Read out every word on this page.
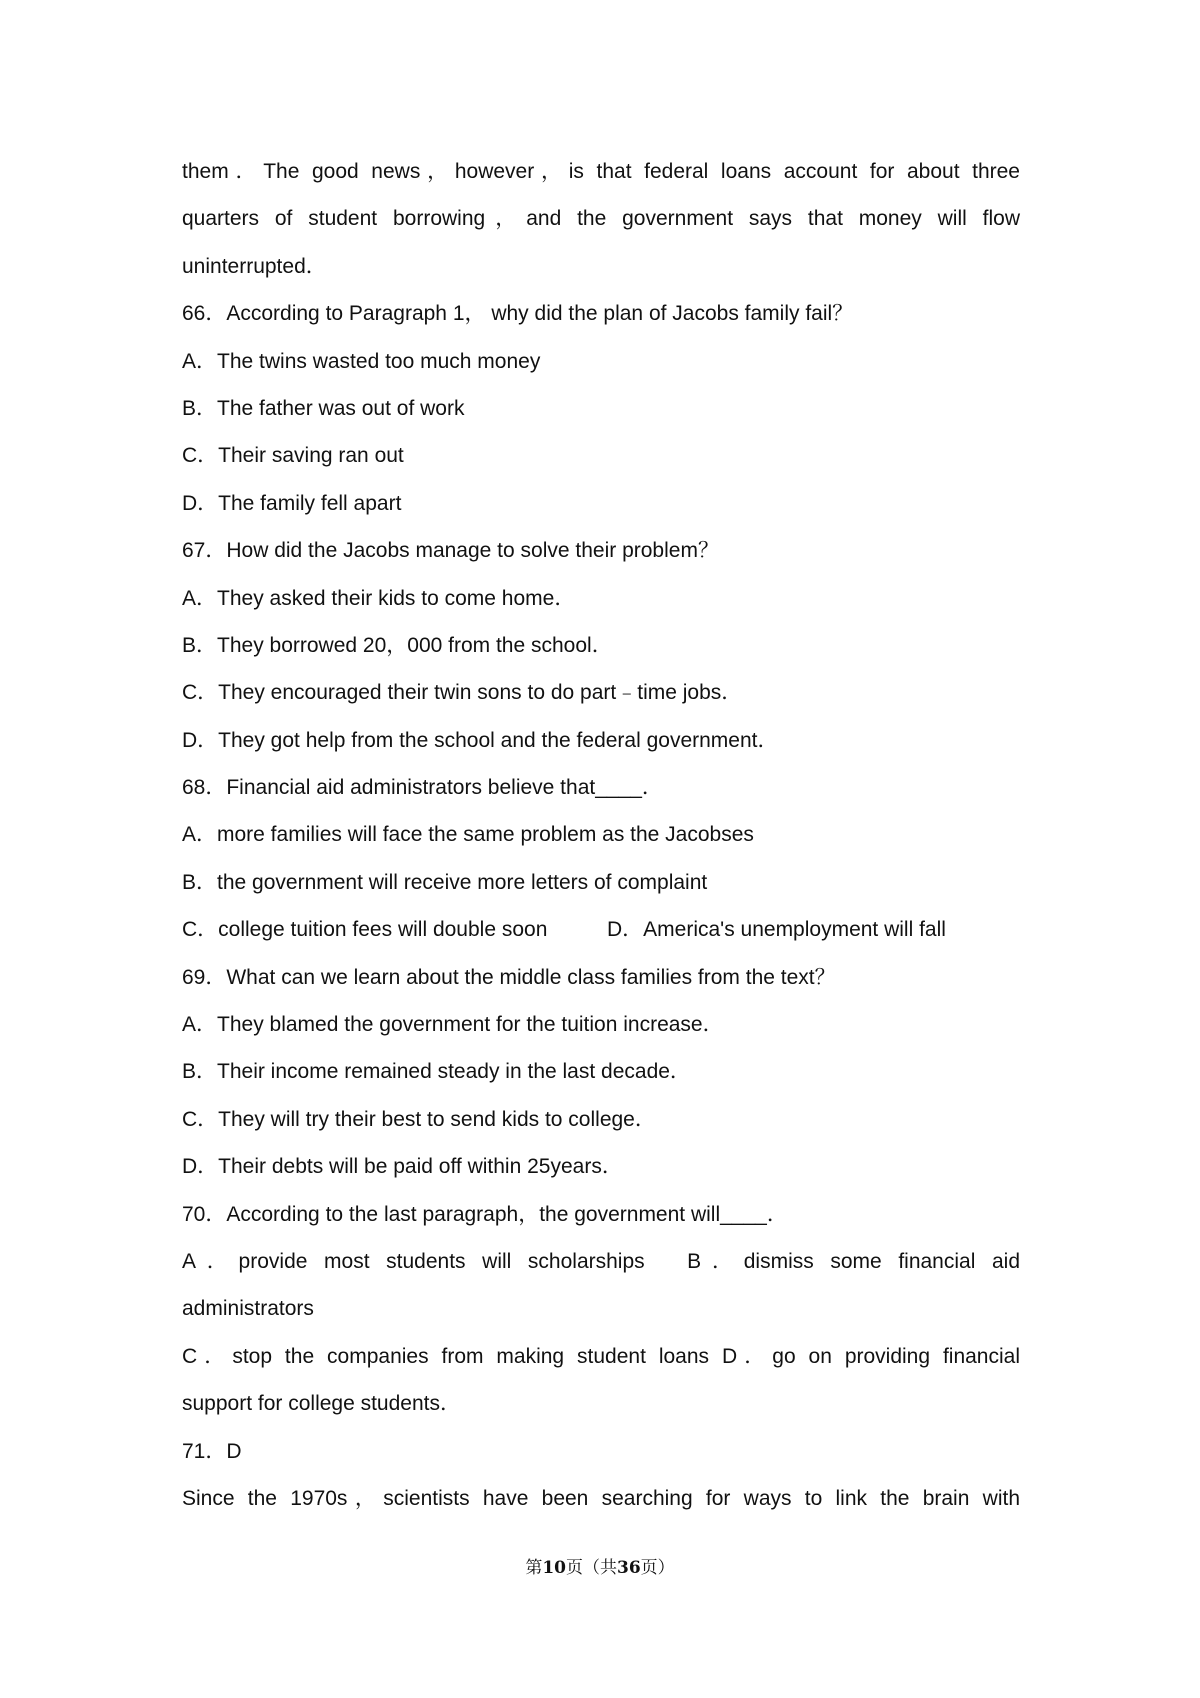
them．The good news，however，is that federal loans account for about three
quarters of student borrowing，and the government says that money will flow
uninterrupted．
66．According to Paragraph 1， why did the plan of Jacobs family fail？
A．The twins wasted too much money
B．The father was out of work
C．Their saving ran out
D．The family fell apart
67．How did the Jacobs manage to solve their problem？
A．They asked their kids to come home．
B．They borrowed 20，000 from the school．
C．They encouraged their twin sons to do part﹣time jobs．
D．They got help from the school and the federal government．
68．Financial aid administrators believe that____．
A．more families will face the same problem as the Jacobses
B．the government will receive more letters of complaint
C．college tuition fees will double soon	D．America's unemployment will fall
69．What can we learn about the middle class families from the text？
A．They blamed the government for the tuition increase．
B．Their income remained steady in the last decade．
C．They will try their best to send kids to college．
D．Their debts will be paid off within 25years．
70．According to the last paragraph，the government will____．
A．provide most students will scholarships　B．dismiss some financial aid
administrators
C．stop the companies from making student loans D．go on providing financial
support for college students．
71．D
Since the 1970s，scientists have been searching for ways to link the brain with
第10页（共36页）
